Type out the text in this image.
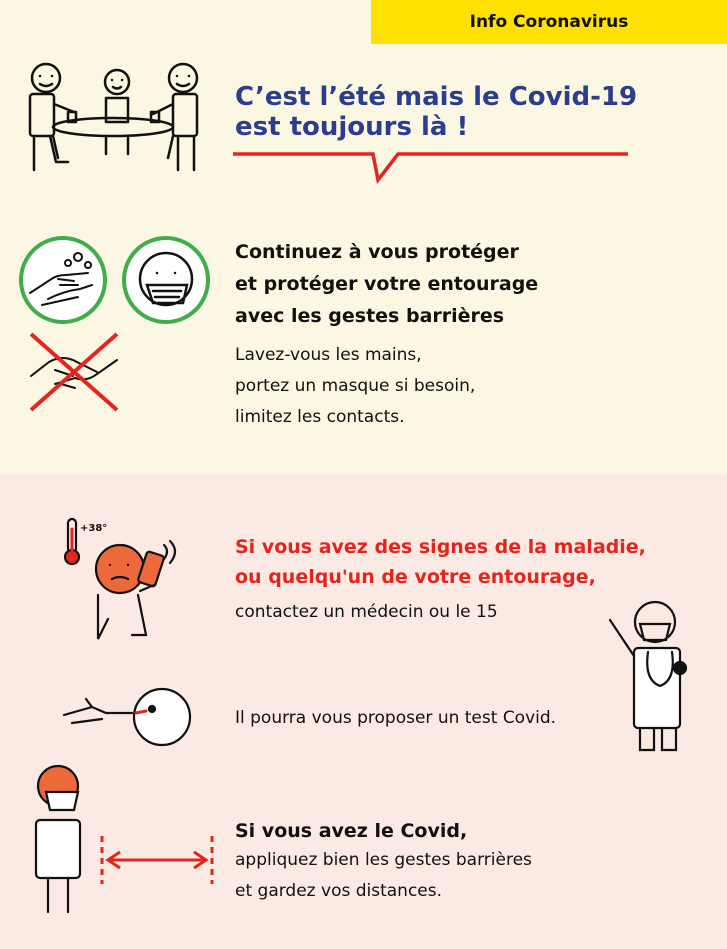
Info Coronavirus
C’est l’été mais le Covid-19
est toujours là !
Continuez à vous protéger
et protéger votre entourage
avec les gestes barrières
Lavez-vous les mains,
portez un masque si besoin,
limitez les contacts.
+38°
Si vous avez des signes de la maladie,
ou quelqu'un de votre entourage,
contactez un médecin ou le 15
Il pourra vous proposer un test Covid.
Si vous avez le Covid,
appliquez bien les gestes barrières
et gardez vos distances.
